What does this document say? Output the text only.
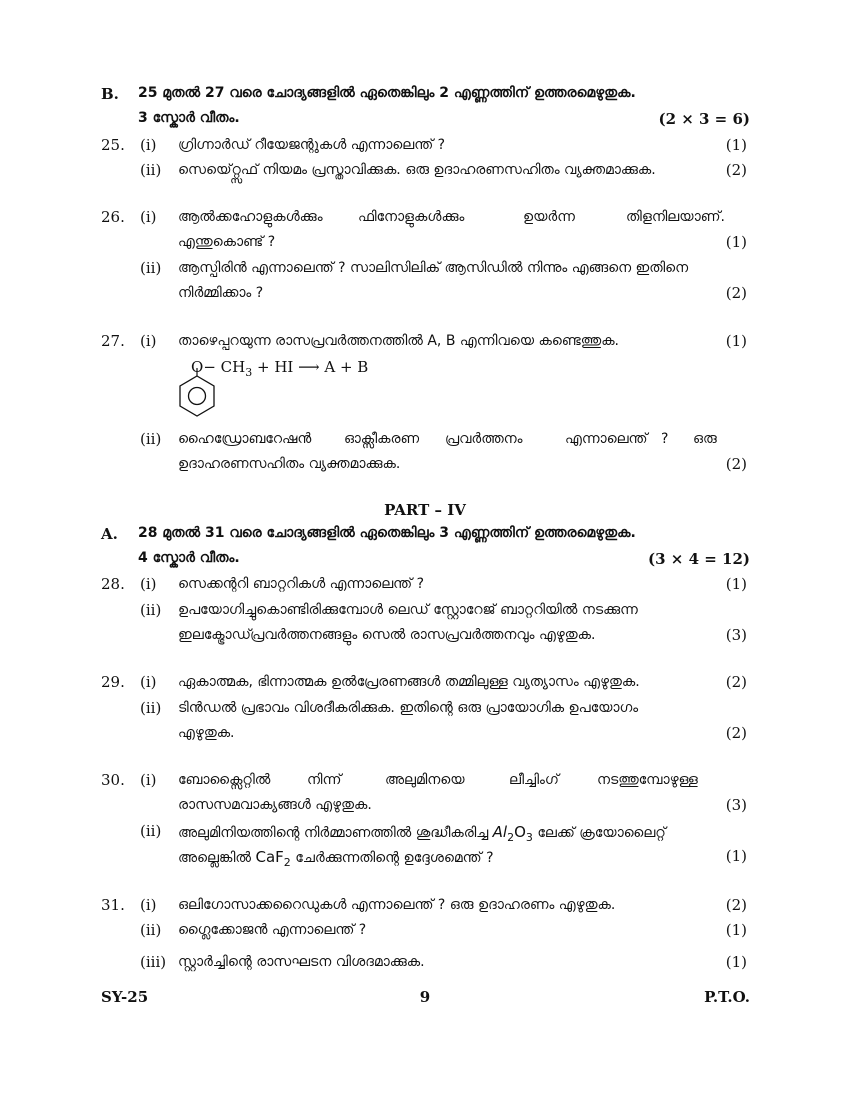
B. 25 മുതൽ 27 വരെ ചോദ്യങ്ങളിൽ ഏതെങ്കിലും 2 എണ്ണത്തിന് ഉത്തരമെഴുതുക.
3 സ്കോർ വീതം.	(2 × 3 = 6)
25. (i) ഗ്രിഗ്നാർഡ് റീയേജന്റുകൾ എന്നാലെന്ത് ?	(1)
(ii) സെയ്റ്റ്സെഫ് നിയമം പ്രസ്താവിക്കുക. ഒരു ഉദാഹരണസഹിതം വ്യക്തമാക്കുക.	(2)
26. (i) ആൽക്കഹോളുകൾക്കും	ഫിനോളുകൾക്കും	ഉയർന്ന	തിളനിലയാണ്.
എന്തുകൊണ്ട് ?	(1)
(ii) ആസ്പിരിൻ എന്നാലെന്ത് ? സാലിസിലിക് ആസിഡിൽ നിന്നും എങ്ങനെ ഇതിനെ
നിർമ്മിക്കാം ?	(2)
27. (i) താഴെപ്പറയുന്ന രാസപ്രവർത്തനത്തിൽ A, B എന്നിവയെ കണ്ടെത്തുക.	(1)
$O- CH_3$ + HI ⟶ A + B
(ii) ഹൈഡ്രോബറേഷൻ ഓക്സീകരണ പ്രവർത്തനം	എന്നാലെന്ത് ? ഒരു
ഉദാഹരണസഹിതം വ്യക്തമാക്കുക.	(2)
PART – IV
A. 28 മുതൽ 31 വരെ ചോദ്യങ്ങളിൽ ഏതെങ്കിലും 3 എണ്ണത്തിന് ഉത്തരമെഴുതുക.
4 സ്കോർ വീതം.	(3 × 4 = 12)
28. (i) സെക്കന്ററി ബാറ്ററികൾ എന്നാലെന്ത് ?	(1)
(ii) ഉപയോഗിച്ചുകൊണ്ടിരിക്കുമ്പോൾ ലെഡ് സ്റ്റോറേജ് ബാറ്ററിയിൽ നടക്കുന്ന
ഇലക്ട്രോഡ്പ്രവർത്തനങ്ങളും സെൽ രാസപ്രവർത്തനവും എഴുതുക.	(3)
29. (i) ഏകാത്മക, ഭിന്നാത്മക ഉൽപ്രേരണങ്ങൾ തമ്മിലുള്ള വ്യത്യാസം എഴുതുക.	(2)
(ii) ടിൻഡൽ പ്രഭാവം വിശദീകരിക്കുക. ഇതിന്റെ ഒരു പ്രായോഗിക ഉപയോഗം
എഴുതുക.	(2)
30. (i) ബോക്സൈറ്റിൽ	നിന്ന്	അലുമിനയെ	ലീച്ചിംഗ്	നടത്തുമ്പോഴുള്ള
രാസസമവാക്യങ്ങൾ എഴുതുക.	(3)
(ii) അലുമിനിയത്തിന്റെ നിർമ്മാണത്തിൽ ശുദ്ധീകരിച്ച $Al_2O_3$ ലേക്ക് ക്രയോലൈറ്റ്
അല്ലെങ്കിൽ CaF$_2$ ചേർക്കുന്നതിന്റെ ഉദ്ദേശമെന്ത് ?	(1)
31. (i) ഒലിഗോസാക്കറൈഡുകൾ എന്നാലെന്ത് ? ഒരു ഉദാഹരണം എഴുതുക.	(2)
(ii) ഗ്ലൈക്കോജൻ എന്നാലെന്ത് ?	(1)
(iii) സ്റ്റാർച്ചിന്റെ രാസഘടന വിശദമാക്കുക.	(1)
SY-25	9	P.T.O.
